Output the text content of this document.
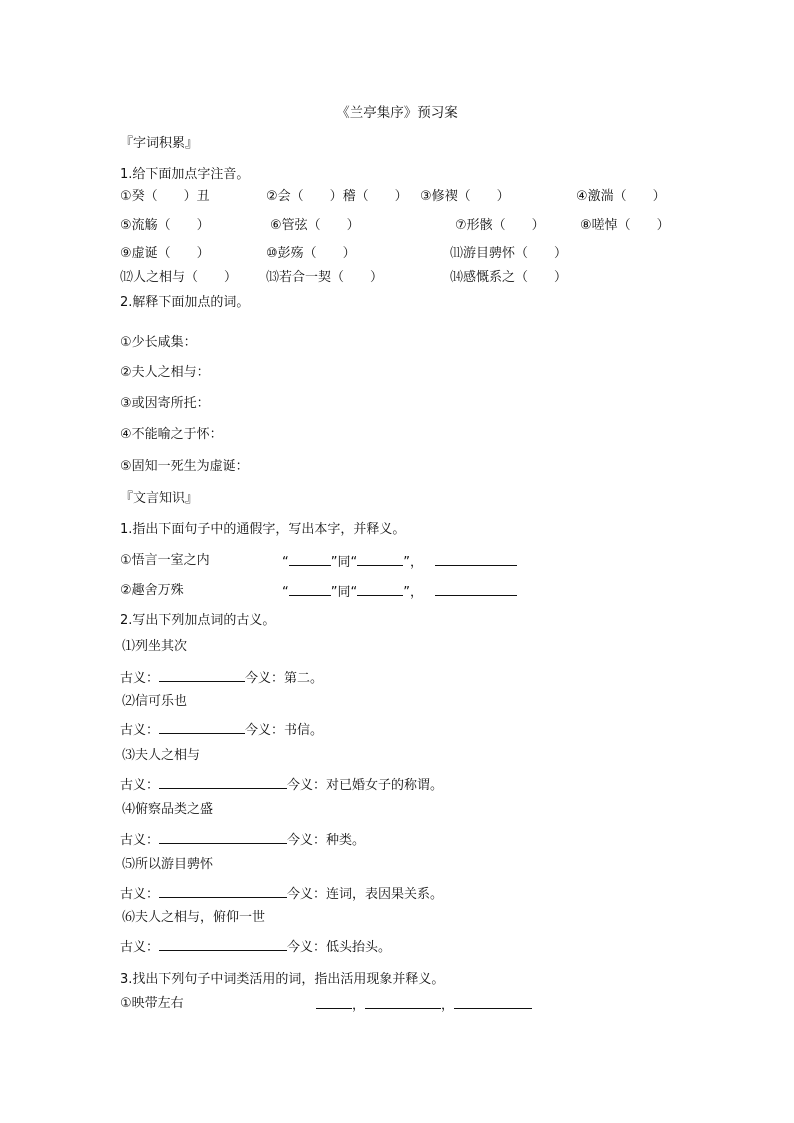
《兰亭集序》预习案
『字词积累』
1.给下面加点字注音。
①癸（　　）丑	②会（　　）稽（　　） ③修禊（　　）	④激湍（　　）
⑤流觞（　　）	⑥管弦（　　）	⑦形骸（　　）	⑧嗟悼（　　）
⑨虚诞（　　）	⑩彭殇（　　）	⑾游目骋怀（　　）
⑿人之相与（　　） ⒀若合一契（　　）	⒁感慨系之（　　）
2.解释下面加点的词。
①少长咸集：
②夫人之相与：
③或因寄所托：
④不能喻之于怀：
⑤固知一死生为虚诞：
『文言知识』
1.指出下面句子中的通假字，写出本字，并释义。
①悟言一室之内	“	”同“	”，
②趣舍万殊	“	”同“	”，
2.写出下列加点词的古义。
⑴列坐其次
古义：	今义：第二。
⑵信可乐也
古义：	今义：书信。
⑶夫人之相与
古义：	今义：对已婚女子的称谓。
⑷俯察品类之盛
古义：	今义：种类。
⑸所以游目骋怀
古义：	今义：连词，表因果关系。
⑹夫人之相与，俯仰一世
古义：	今义：低头抬头。
3.找出下列句子中词类活用的词，指出活用现象并释义。
①映带左右	，	，
